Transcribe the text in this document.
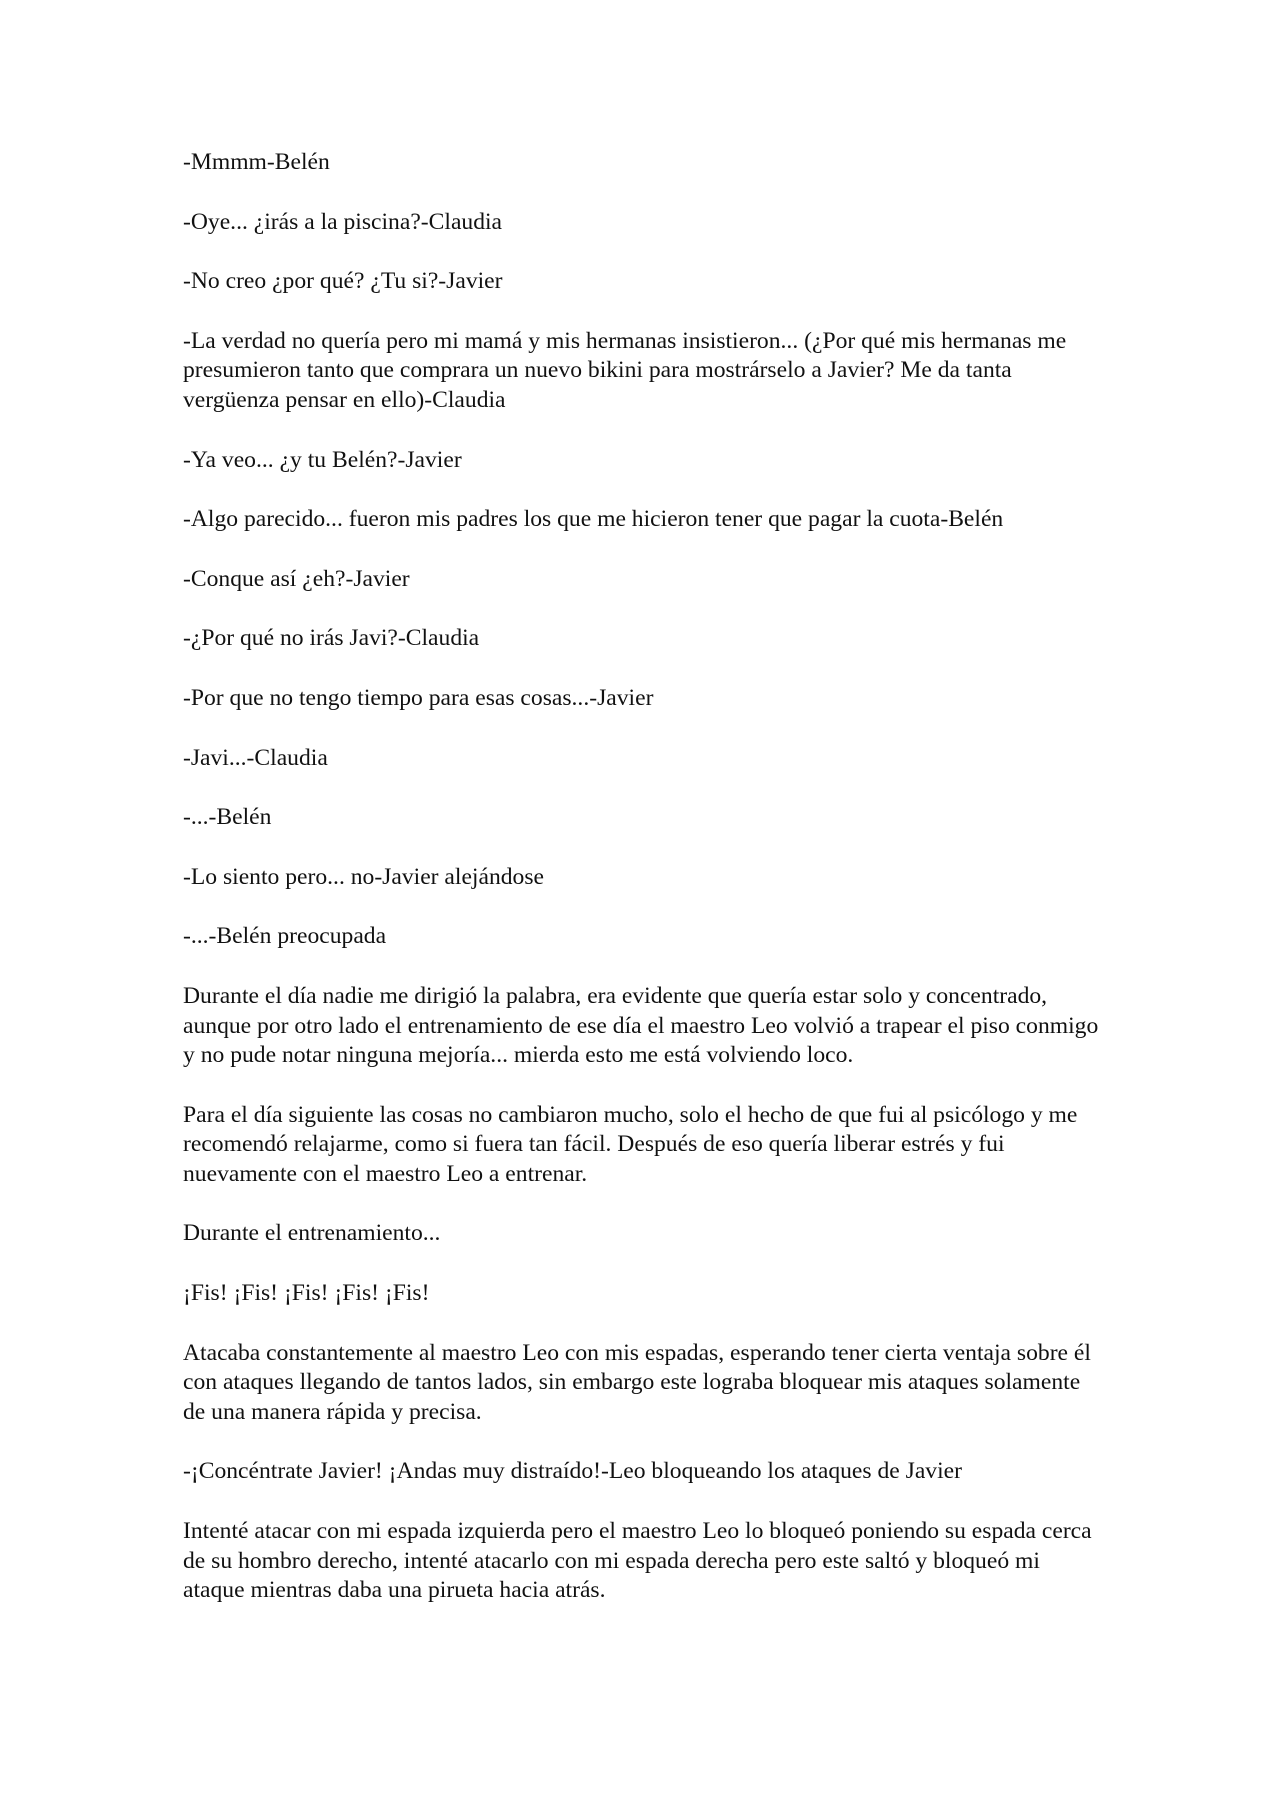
-Mmmm-Belén

-Oye... ¿irás a la piscina?-Claudia

-No creo ¿por qué? ¿Tu si?-Javier

-La verdad no quería pero mi mamá y mis hermanas insistieron... (¿Por qué mis hermanas me presumieron tanto que comprara un nuevo bikini para mostrárselo a Javier? Me da tanta vergüenza pensar en ello)-Claudia

-Ya veo... ¿y tu Belén?-Javier

-Algo parecido... fueron mis padres los que me hicieron tener que pagar la cuota-Belén

-Conque así ¿eh?-Javier

-¿Por qué no irás Javi?-Claudia

-Por que no tengo tiempo para esas cosas...-Javier

-Javi...-Claudia

-...-Belén

-Lo siento pero... no-Javier alejándose

-...-Belén preocupada

Durante el día nadie me dirigió la palabra, era evidente que quería estar solo y concentrado, aunque por otro lado el entrenamiento de ese día el maestro Leo volvió a trapear el piso conmigo y no pude notar ninguna mejoría... mierda esto me está volviendo loco.

Para el día siguiente las cosas no cambiaron mucho, solo el hecho de que fui al psicólogo y me recomendó relajarme, como si fuera tan fácil. Después de eso quería liberar estrés y fui nuevamente con el maestro Leo a entrenar.

Durante el entrenamiento...

¡Fis! ¡Fis! ¡Fis! ¡Fis! ¡Fis!

Atacaba constantemente al maestro Leo con mis espadas, esperando tener cierta ventaja sobre él con ataques llegando de tantos lados, sin embargo este lograba bloquear mis ataques solamente de una manera rápida y precisa.

-¡Concéntrate Javier! ¡Andas muy distraído!-Leo bloqueando los ataques de Javier

Intenté atacar con mi espada izquierda pero el maestro Leo lo bloqueó poniendo su espada cerca de su hombro derecho, intenté atacarlo con mi espada derecha pero este saltó y bloqueó mi ataque mientras daba una pirueta hacia atrás.
